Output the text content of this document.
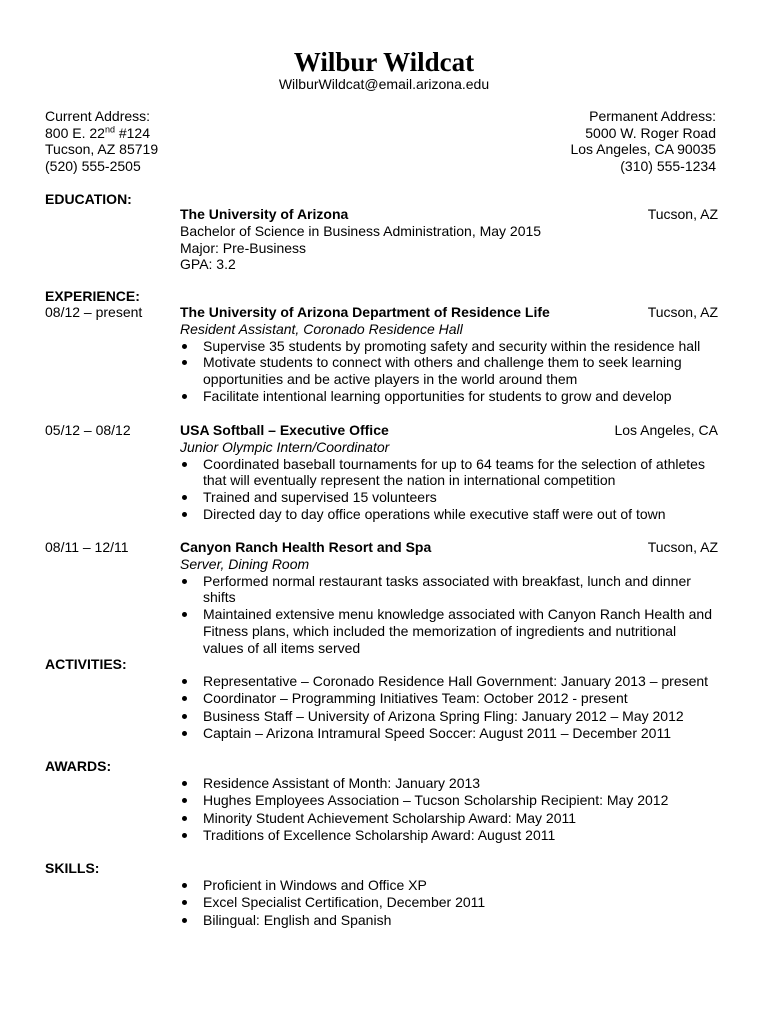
Wilbur Wildcat
WilburWildcat@email.arizona.edu
Current Address:
800 E. 22nd #124
Tucson, AZ 85719
(520) 555-2505
Permanent Address:
5000 W. Roger Road
Los Angeles, CA 90035
(310) 555-1234
EDUCATION:
The University of Arizona	Tucson, AZ
Bachelor of Science in Business Administration, May 2015
Major: Pre-Business
GPA: 3.2
EXPERIENCE:
08/12 – present	The University of Arizona Department of Residence Life	Tucson, AZ
Resident Assistant, Coronado Residence Hall
Supervise 35 students by promoting safety and security within the residence hall
Motivate students to connect with others and challenge them to seek learning opportunities and be active players in the world around them
Facilitate intentional learning opportunities for students to grow and develop
05/12 – 08/12	USA Softball – Executive Office	Los Angeles, CA
Junior Olympic Intern/Coordinator
Coordinated baseball tournaments for up to 64 teams for the selection of athletes that will eventually represent the nation in international competition
Trained and supervised 15 volunteers
Directed day to day office operations while executive staff were out of town
08/11 – 12/11	Canyon Ranch Health Resort and Spa	Tucson, AZ
Server, Dining Room
Performed normal restaurant tasks associated with breakfast, lunch and dinner shifts
Maintained extensive menu knowledge associated with Canyon Ranch Health and Fitness plans, which included the memorization of ingredients and nutritional values of all items served
ACTIVITIES:
Representative – Coronado Residence Hall Government: January 2013 – present
Coordinator – Programming Initiatives Team: October 2012 - present
Business Staff – University of Arizona Spring Fling: January 2012 – May 2012
Captain – Arizona Intramural Speed Soccer: August 2011 – December 2011
AWARDS:
Residence Assistant of Month: January 2013
Hughes Employees Association – Tucson Scholarship Recipient: May 2012
Minority Student Achievement Scholarship Award: May 2011
Traditions of Excellence Scholarship Award: August 2011
SKILLS:
Proficient in Windows and Office XP
Excel Specialist Certification, December 2011
Bilingual: English and Spanish
